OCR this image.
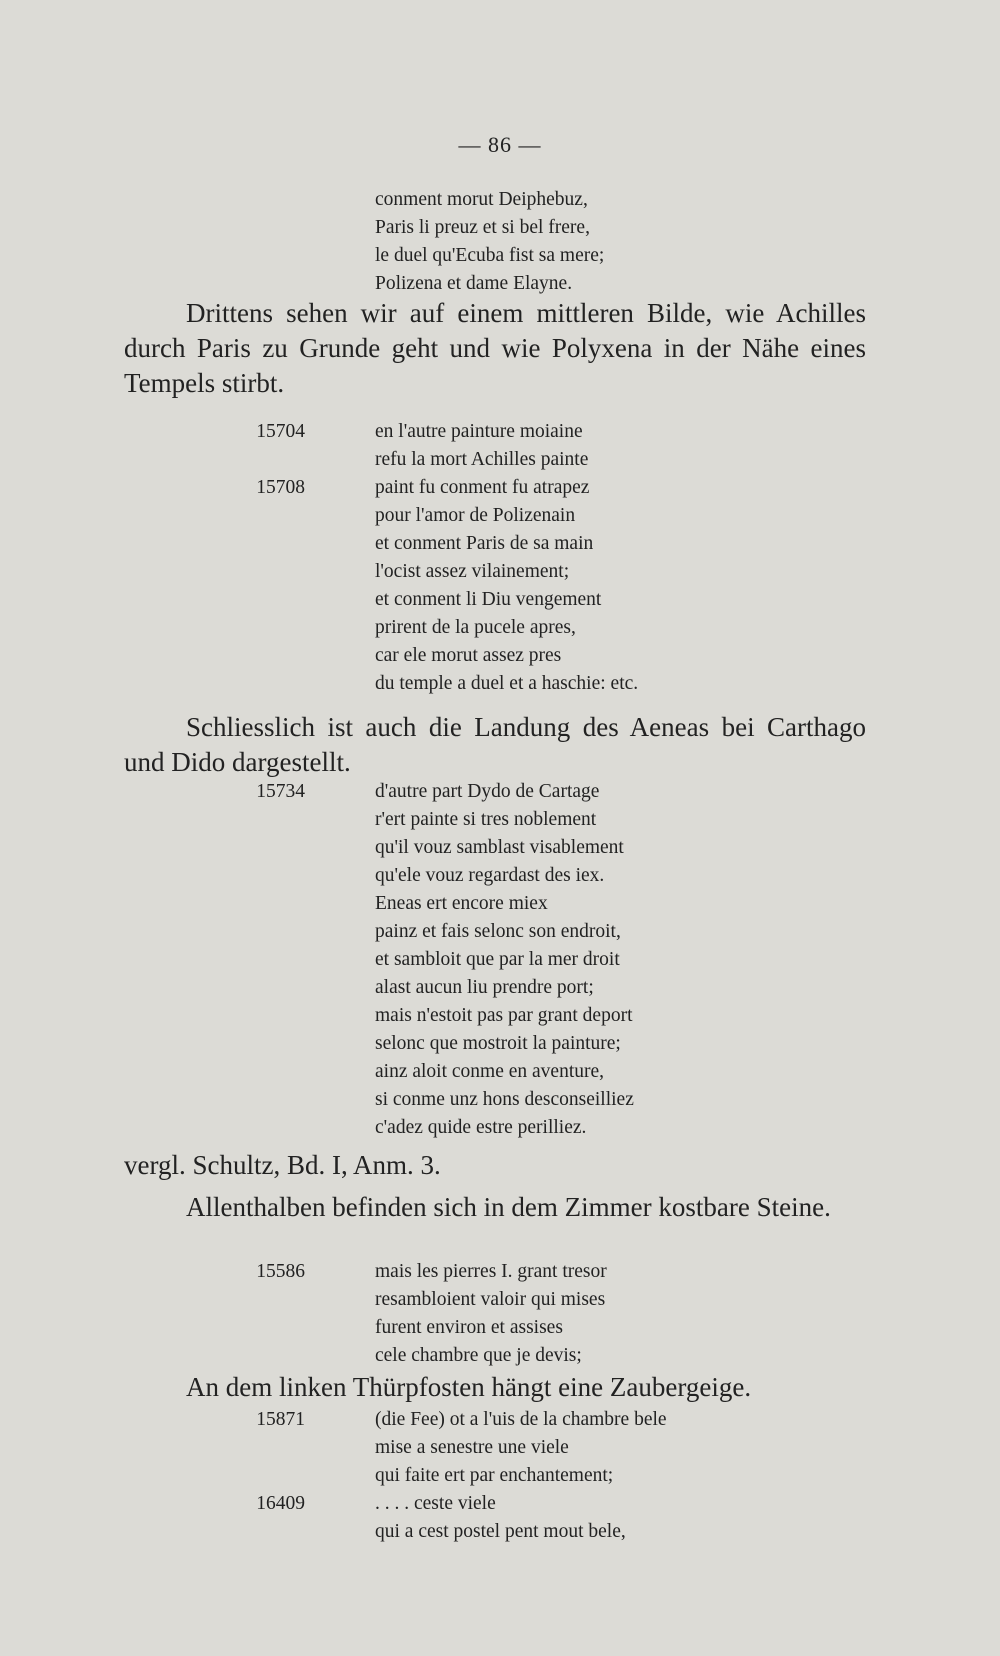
— 86 —
conment morut Deiphebuz,
Paris li preuz et si bel frere,
le duel qu'Ecuba fist sa mere;
Polizena et dame Elayne.

Drittens sehen wir auf einem mittleren Bilde, wie Achilles durch Paris zu Grunde geht und wie Polyxena in der Nähe eines Tempels stirbt.

15704	en l'autre painture moiaine
refu la mort Achilles painte
15708	paint fu conment fu atrapez
pour l'amor de Polizenain
et conment Paris de sa main
l'ocist assez vilainement;
et conment li Diu vengement
prirent de la pucele apres,
car ele morut assez pres
du temple a duel et a haschie: etc.

Schliesslich ist auch die Landung des Aeneas bei Carthago und Dido dargestellt.

15734	d'autre part Dydo de Cartage
r'ert painte si tres noblement
qu'il vouz samblast visablement
qu'ele vouz regardast des iex.
Eneas ert encore miex
painz et fais selonc son endroit,
et sambloit que par la mer droit
alast aucun liu prendre port;
mais n'estoit pas par grant deport
selonc que mostroit la painture;
ainz aloit conme en aventure,
si conme unz hons desconseilliez
c'adez quide estre perilliez.
vergl. Schultz, Bd. I, Anm. 3.

Allenthalben befinden sich in dem Zimmer kostbare Steine.

15586	mais les pierres I. grant tresor
resambloient valoir qui mises
furent environ et assises
cele chambre que je devis;

An dem linken Thürpfosten hängt eine Zaubergeige.

15871	(die Fee) ot a l'uis de la chambre bele
mise a senestre une viele
qui faite ert par enchantement;
16409	. . . . ceste viele
qui a cest postel pent mout bele,
